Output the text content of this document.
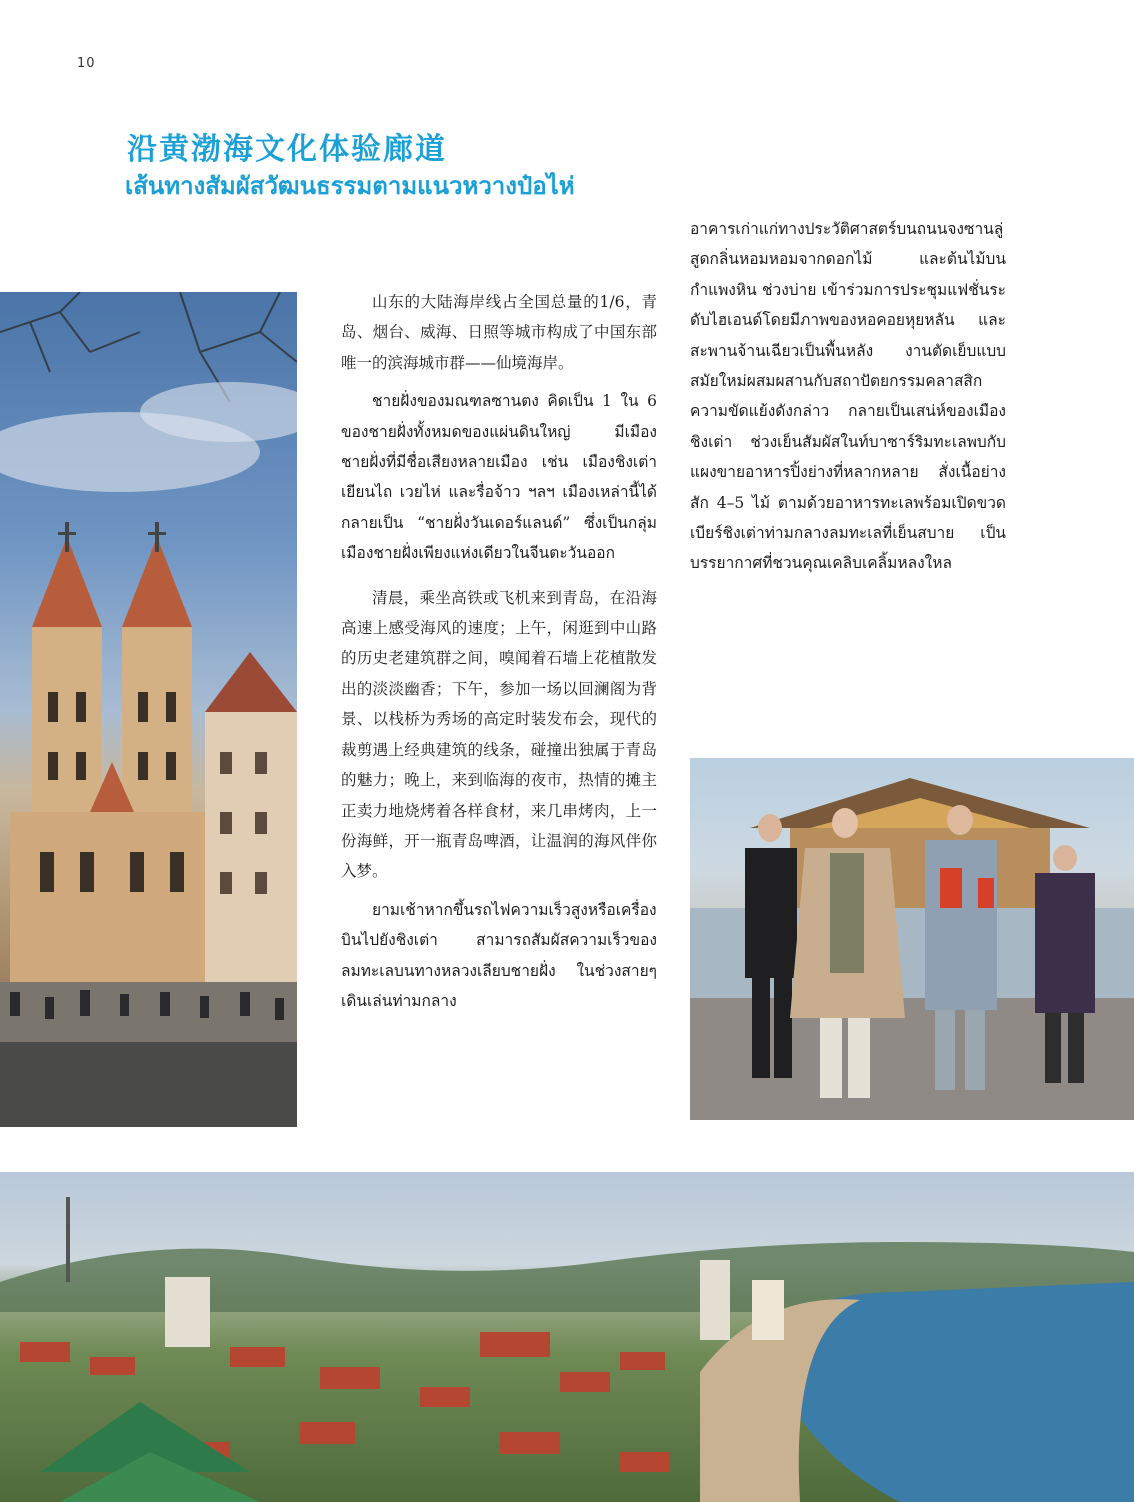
10
沿黄渤海文化体验廊道
เส้นทางสัมผัสวัฒนธรรมตามแนวหวางป๋อไห่

山东的大陆海岸线占全国总量的1/6，青岛、烟台、威海、日照等城市构成了中国东部唯一的滨海城市群——仙境海岸。

ชายฝั่งของมณฑลซานตง คิดเป็น 1 ใน 6 ของชายฝั่งทั้งหมดของแผ่นดินใหญ่ มีเมืองชายฝั่งที่มีชื่อเสียงหลายเมือง เช่น เมืองชิงเต่า เยียนไถ เวยไห่ และรื่อจ้าว ฯลฯ เมืองเหล่านี้ได้กลายเป็น “ชายฝั่งวันเดอร์แลนด์” ซึ่งเป็นกลุ่มเมืองชายฝั่งเพียงแห่งเดียวในจีนตะวันออก

清晨，乘坐高铁或飞机来到青岛，在沿海高速上感受海风的速度；上午，闲逛到中山路的历史老建筑群之间，嗅闻着石墙上花植散发出的淡淡幽香；下午，参加一场以回澜阁为背景、以栈桥为秀场的高定时装发布会，现代的裁剪遇上经典建筑的线条，碰撞出独属于青岛的魅力；晚上，来到临海的夜市，热情的摊主正卖力地烧烤着各样食材，来几串烤肉，上一份海鲜，开一瓶青岛啤酒，让温润的海风伴你入梦。

ยามเช้าหากขึ้นรถไฟความเร็วสูงหรือเครื่องบินไปยังชิงเต่า สามารถสัมผัสความเร็วของลมทะเลบนทางหลวงเลียบชายฝั่ง ในช่วงสายๆ เดินเล่นท่ามกลาง

อาคารเก่าแก่ทางประวัติศาสตร์บนถนนจงซานลู่ สูดกลิ่นหอมหอมจากดอกไม้ และต้นไม้บนกำแพงหิน ช่วงบ่าย เข้าร่วมการประชุมแฟชั่นระดับไฮเอนด์โดยมีภาพของหอคอยหุยหลัน และสะพานจ้านเฉียวเป็นพื้นหลัง งานตัดเย็บแบบสมัยใหม่ผสมผสานกับสถาปัตยกรรมคลาสสิก ความขัดแย้งดังกล่าว กลายเป็นเสน่ห์ของเมืองชิงเต่า ช่วงเย็นสัมผัสในท์บาซาร์ริมทะเลพบกับแผงขายอาหารปิ้งย่างที่หลากหลาย สั่งเนื้อย่างสัก 4–5 ไม้ ตามด้วยอาหารทะเลพร้อมเปิดขวดเบียร์ชิงเต่าท่ามกลางลมทะเลที่เย็นสบาย เป็นบรรยากาศที่ชวนคุณเคลิบเคลิ้มหลงใหล
